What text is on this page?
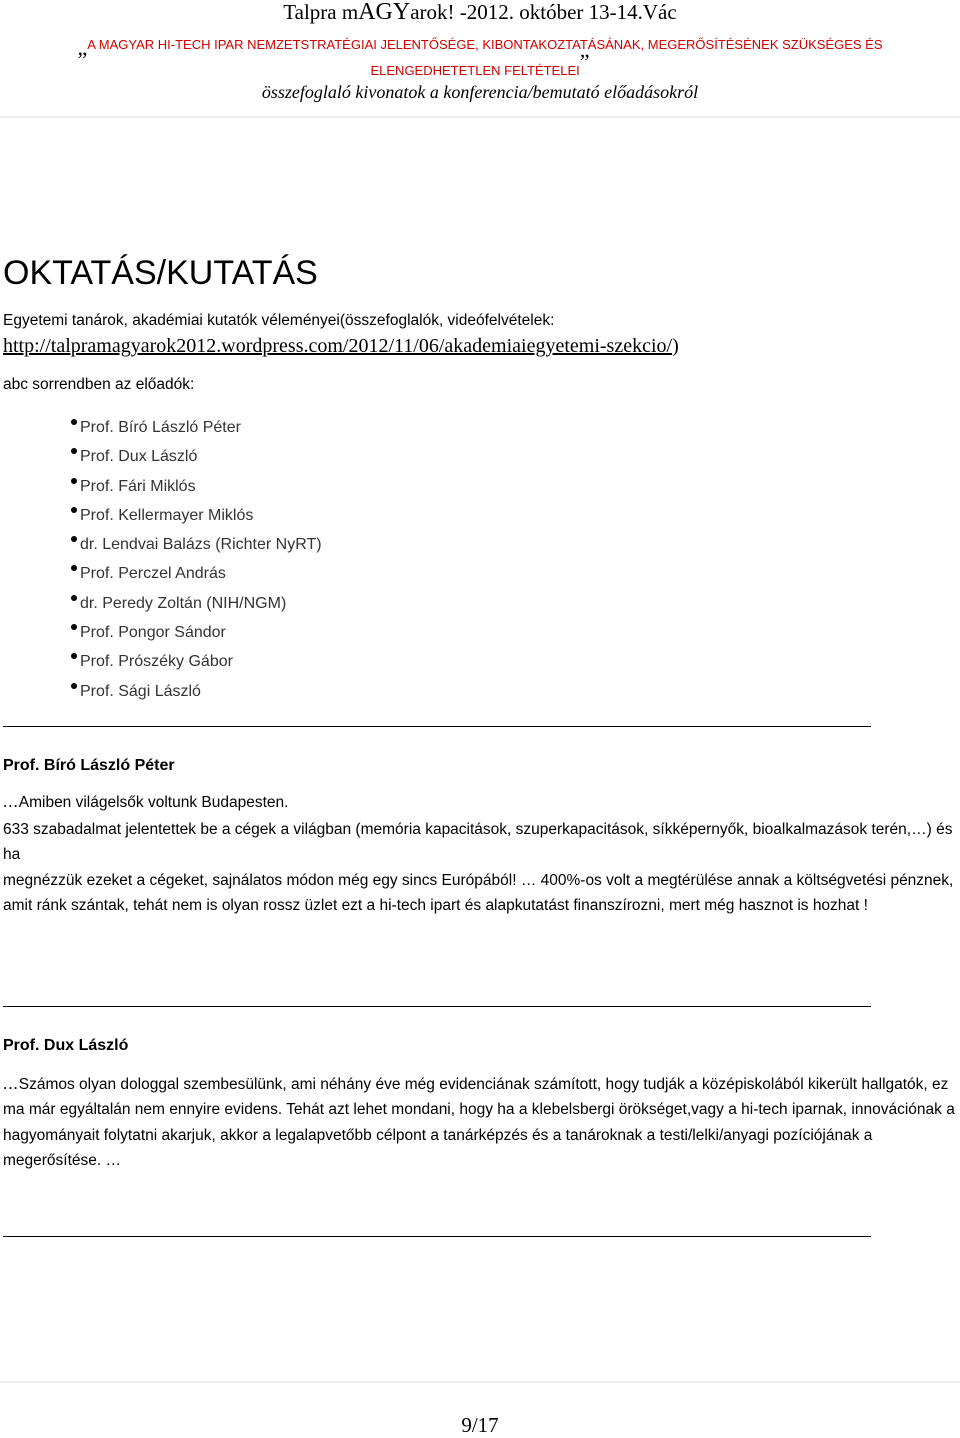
Talpra mAGYarok! -2012. október 13-14.Vác
„A MAGYAR HI-TECH IPAR NEMZETSTRATÉGIAI JELENTŐSÉGE, KIBONTAKOZTATÁSÁNAK, MEGERŐSÍTÉSÉNEK SZÜKSÉGES ÉS
ELENGEDHETETLEN FELTÉTELEI”
összefoglaló kivonatok a konferencia/bemutató előadásokról
OKTATÁS/KUTATÁS
Egyetemi tanárok, akadémiai kutatók véleményei(összefoglalók, videófelvételek:
http://talpramagyarok2012.wordpress.com/2012/11/06/akademiaiegyetemi-szekcio/)
abc sorrendben az előadók:
Prof. Bíró László Péter
Prof. Dux László
Prof. Fári Miklós
Prof. Kellermayer Miklós
dr. Lendvai Balázs (Richter NyRT)
Prof. Perczel András
dr. Peredy Zoltán (NIH/NGM)
Prof. Pongor Sándor
Prof. Prószéky Gábor
Prof. Sági László
Prof. Bíró László Péter
...Amiben világelsők voltunk Budapesten.
633 szabadalmat jelentettek be a cégek a világban (memória kapacitások, szuperkapacitások, síkképernyők, bioalkalmazások terén,…) és ha
megnézzük ezeket a cégeket, sajnálatos módon még egy sincs Európából! … 400%-os volt a megtérülése annak a költségvetési pénznek, amit ránk szántak, tehát nem is olyan rossz üzlet ezt a hi-tech ipart és alapkutatást finanszírozni, mert még hasznot is hozhat !
Prof. Dux László
...Számos olyan dologgal szembesülünk, ami néhány éve még evidenciának számított, hogy tudják a középiskolából kikerült hallgatók, ez ma már egyáltalán nem ennyire evidens. Tehát azt lehet mondani, hogy ha a klebelsbergi örökséget,vagy a hi-tech iparnak, innovációnak a hagyományait folytatni akarjuk, akkor a legalapvetőbb célpont a tanárképzés és a tanároknak a testi/lelki/anyagi pozíciójának a megerősítése. …
9/17
